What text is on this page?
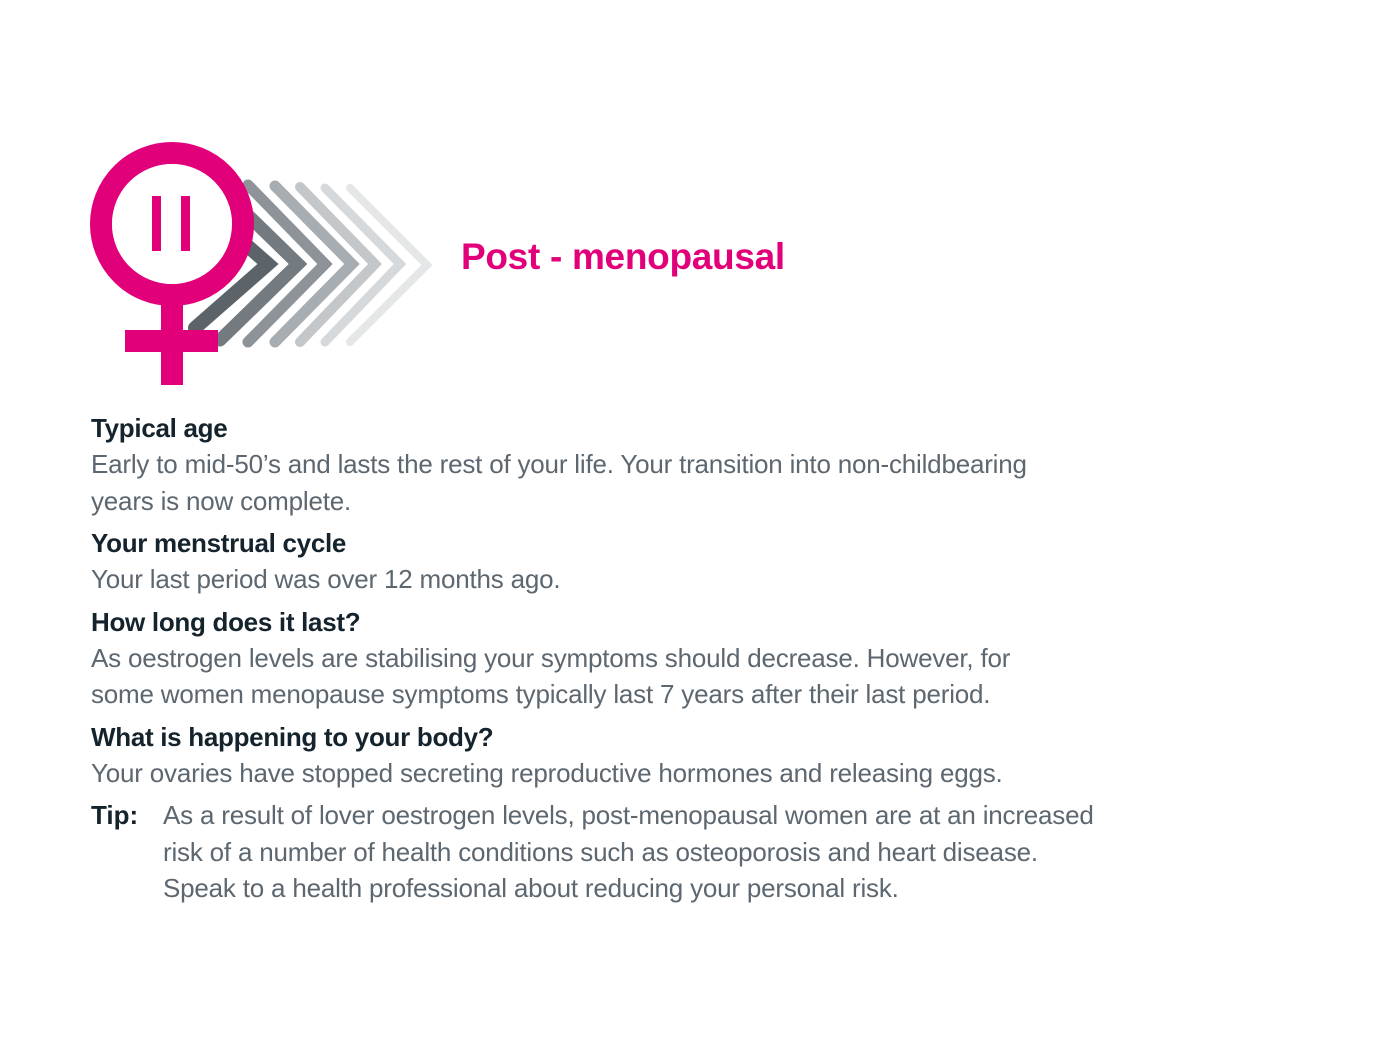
Post - menopausal
Typical age
Early to mid-50’s and lasts the rest of your life. Your transition into non-childbearing
years is now complete.
Your menstrual cycle
Your last period was over 12 months ago.
How long does it last?
As oestrogen levels are stabilising your symptoms should decrease. However, for
some women menopause symptoms typically last 7 years after their last period.
What is happening to your body?
Your ovaries have stopped secreting reproductive hormones and releasing eggs.
Tip: As a result of lover oestrogen levels, post-menopausal women are at an increased
risk of a number of health conditions such as osteoporosis and heart disease.
Speak to a health professional about reducing your personal risk.
